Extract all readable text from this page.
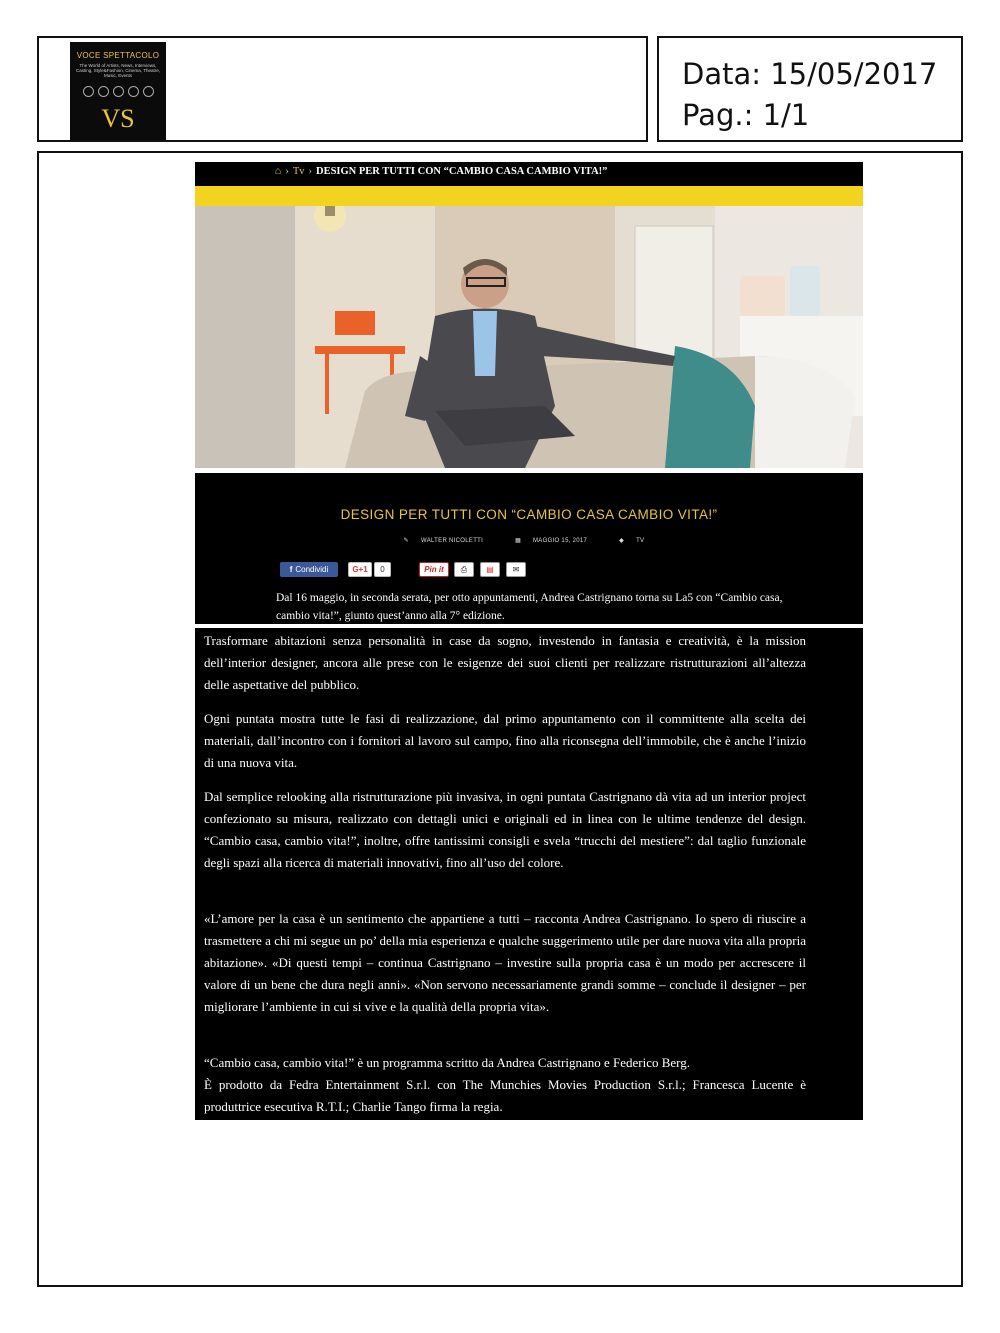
VOCE SPETTACOLO
The World of Artists, News, Interviews, Casting, Style&Fashion, Cinema, Theatre, Music, Events
VS
Data: 15/05/2017
Pag.: 1/1
⌂ › Tv › DESIGN PER TUTTI CON “CAMBIO CASA CAMBIO VITA!”
DESIGN PER TUTTI CON “CAMBIO CASA CAMBIO VITA!”
✎ WALTER NICOLETTI	▦ MAGGIO 15, 2017	◆ TV
f Condividi	G+1	0	Pin it	⎙	▤	✉
Dal 16 maggio, in seconda serata, per otto appuntamenti, Andrea Castrignano torna su La5 con “Cambio casa, cambio vita!”, giunto quest’anno alla 7° edizione.

Trasformare abitazioni senza personalità in case da sogno, investendo in fantasia e creatività, è la mission dell’interior designer, ancora alle prese con le esigenze dei suoi clienti per realizzare ristrutturazioni all’altezza delle aspettative del pubblico.

Ogni puntata mostra tutte le fasi di realizzazione, dal primo appuntamento con il committente alla scelta dei materiali, dall’incontro con i fornitori al lavoro sul campo, fino alla riconsegna dell’immobile, che è anche l’inizio di una nuova vita.

Dal semplice relooking alla ristrutturazione più invasiva, in ogni puntata Castrignano dà vita ad un interior project confezionato su misura, realizzato con dettagli unici e originali ed in linea con le ultime tendenze del design. “Cambio casa, cambio vita!”, inoltre, offre tantissimi consigli e svela “trucchi del mestiere”: dal taglio funzionale degli spazi alla ricerca di materiali innovativi, fino all’uso del colore.

«L’amore per la casa è un sentimento che appartiene a tutti – racconta Andrea Castrignano. Io spero di riuscire a trasmettere a chi mi segue un po’ della mia esperienza e qualche suggerimento utile per dare nuova vita alla propria abitazione». «Di questi tempi – continua Castrignano – investire sulla propria casa è un modo per accrescere il valore di un bene che dura negli anni». «Non servono necessariamente grandi somme – conclude il designer – per migliorare l’ambiente in cui si vive e la qualità della propria vita».

“Cambio casa, cambio vita!” è un programma scritto da Andrea Castrignano e Federico Berg.
È prodotto da Fedra Entertainment S.r.l. con The Munchies Movies Production S.r.l.; Francesca Lucente è produttrice esecutiva R.T.I.; Charlie Tango firma la regia.
